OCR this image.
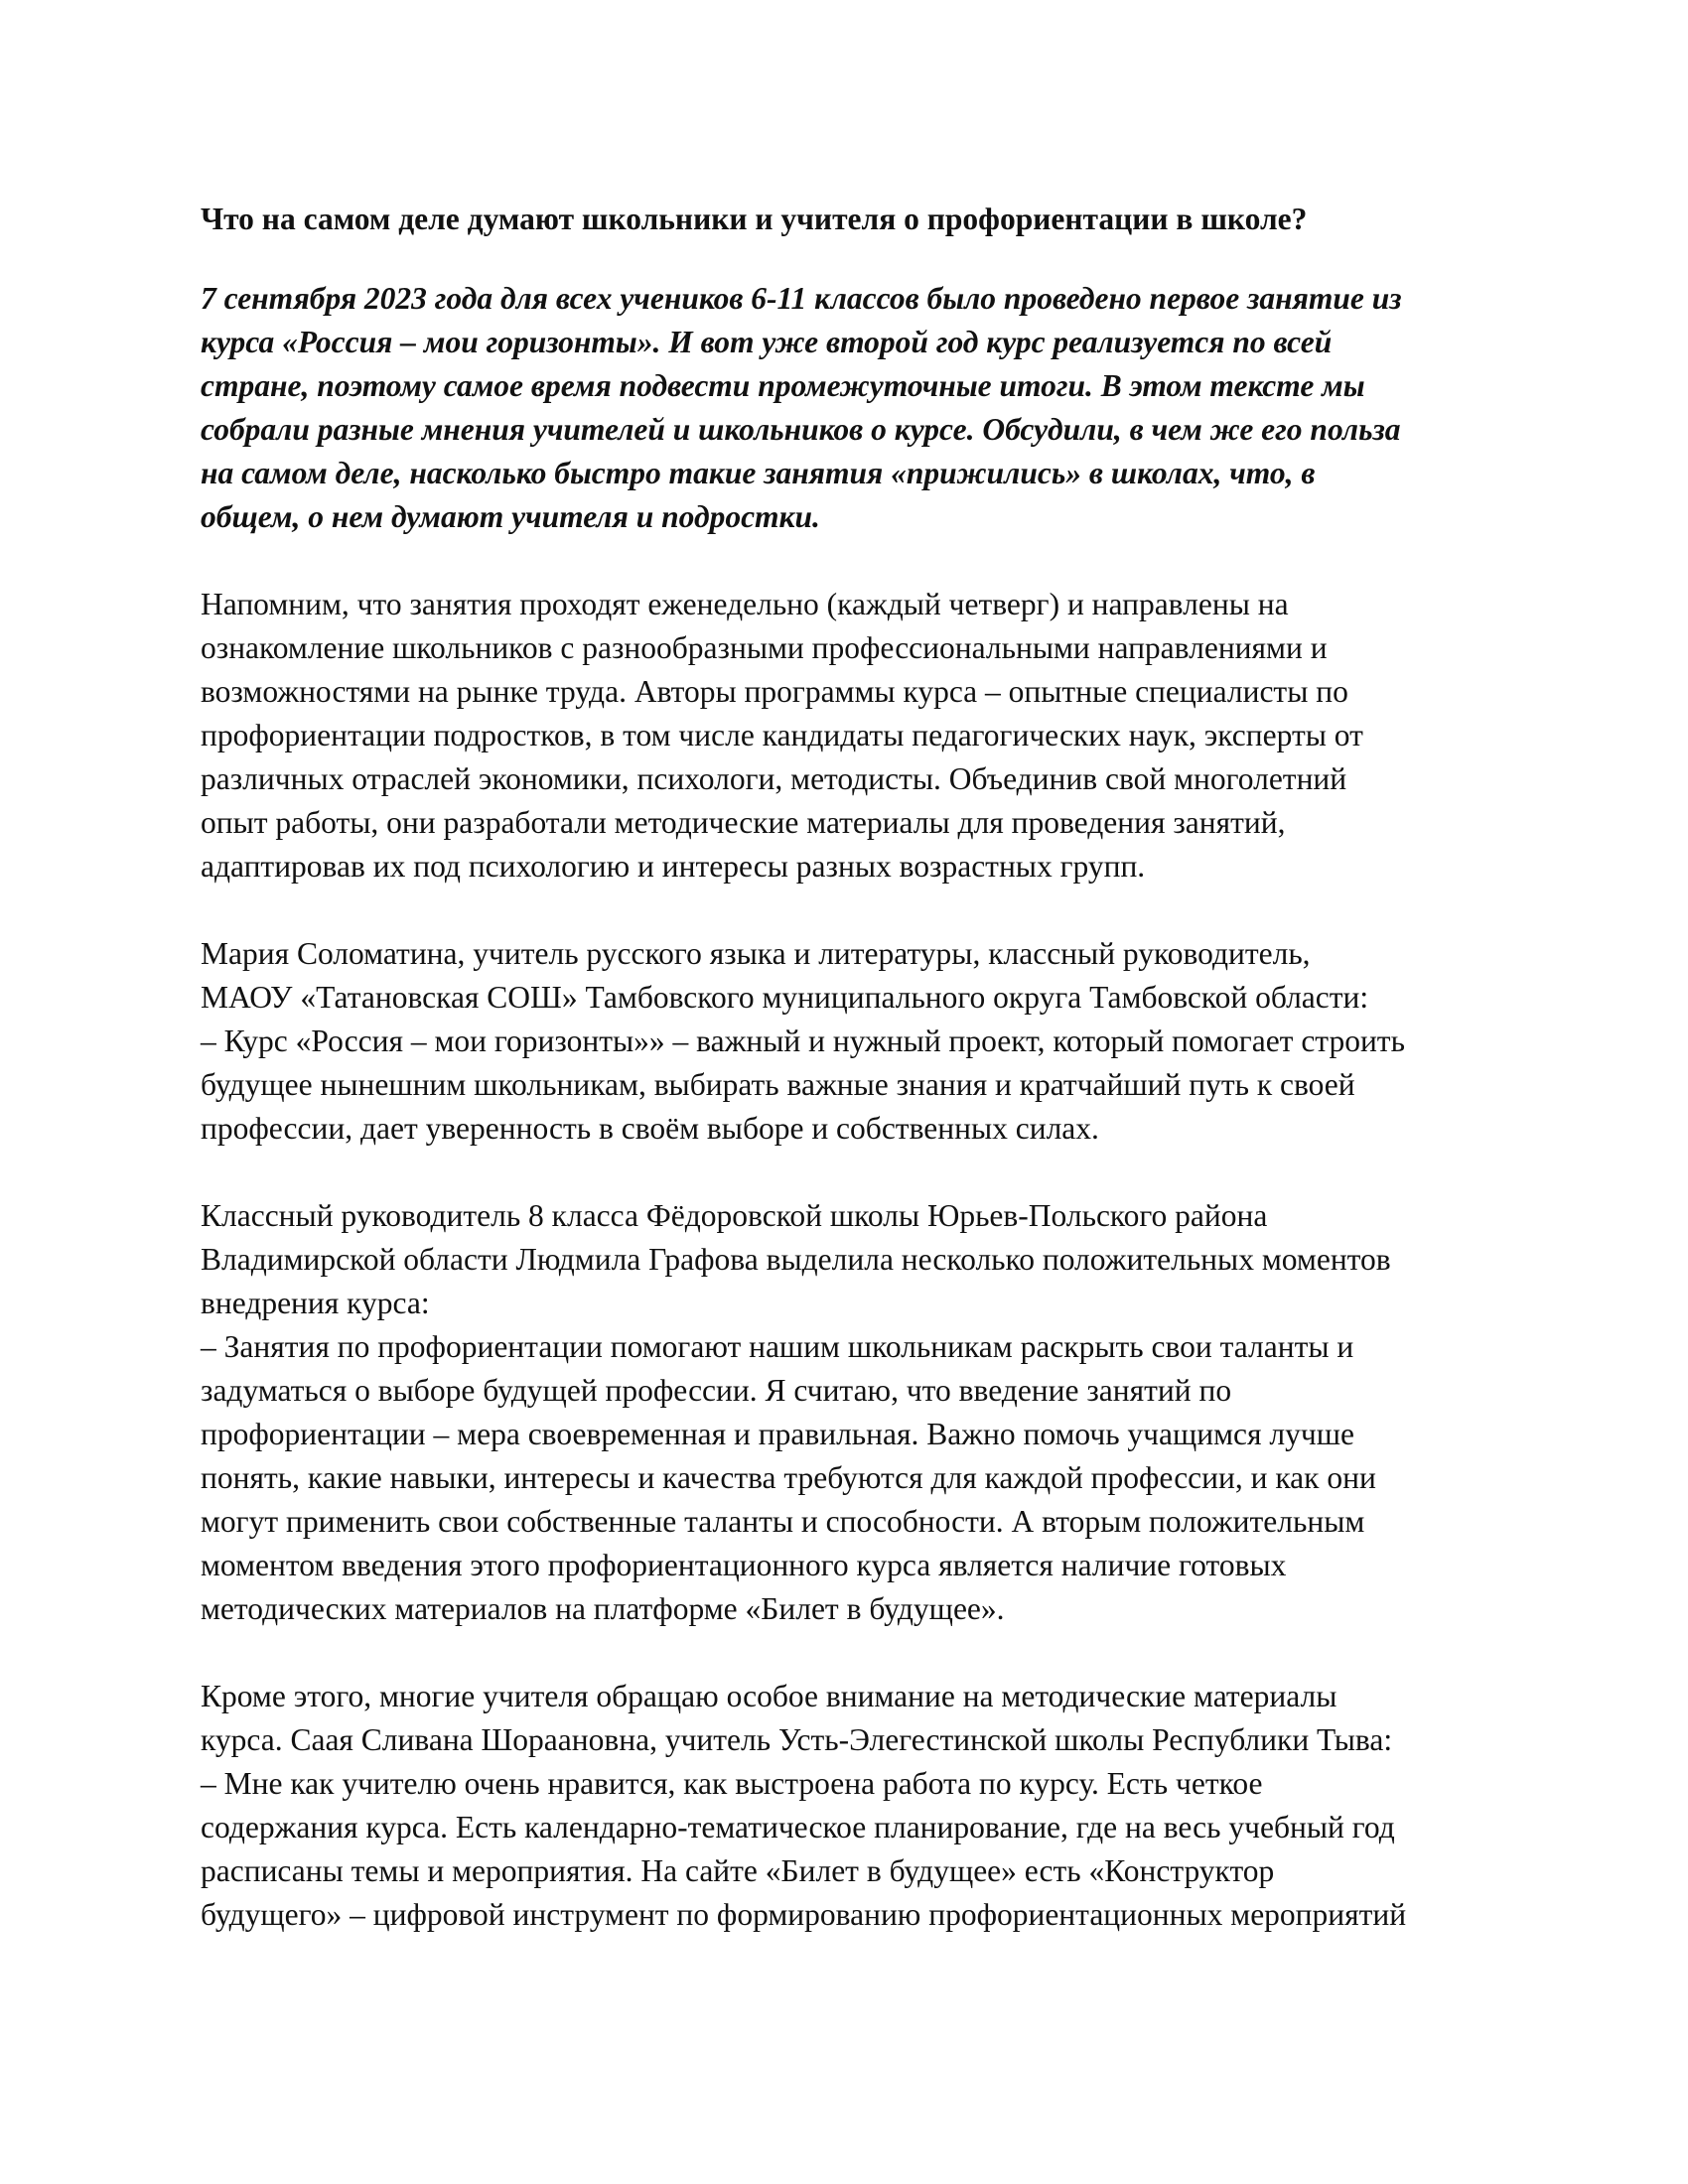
Что на самом деле думают школьники и учителя о профориентации в школе?
7 сентября 2023 года для всех учеников 6-11 классов было проведено первое занятие из
курса «Россия – мои горизонты». И вот уже второй год курс реализуется по всей
стране, поэтому самое время подвести промежуточные итоги. В этом тексте мы
собрали разные мнения учителей и школьников о курсе. Обсудили, в чем же его польза
на самом деле, насколько быстро такие занятия «прижились» в школах, что, в
общем, о нем думают учителя и подростки.
Напомним, что занятия проходят еженедельно (каждый четверг) и направлены на
ознакомление школьников с разнообразными профессиональными направлениями и
возможностями на рынке труда. Авторы программы курса – опытные специалисты по
профориентации подростков, в том числе кандидаты педагогических наук, эксперты от
различных отраслей экономики, психологи, методисты. Объединив свой многолетний
опыт работы, они разработали методические материалы для проведения занятий,
адаптировав их под психологию и интересы разных возрастных групп.
Мария Соломатина, учитель русского языка и литературы, классный руководитель,
МАОУ «Татановская СОШ» Тамбовского муниципального округа Тамбовской области:
– Курс «Россия – мои горизонты»» – важный и нужный проект, который помогает строить
будущее нынешним школьникам, выбирать важные знания и кратчайший путь к своей
профессии, дает уверенность в своём выборе и собственных силах.
Классный руководитель 8 класса Фёдоровской школы Юрьев-Польского района
Владимирской области Людмила Графова выделила несколько положительных моментов
внедрения курса:
– Занятия по профориентации помогают нашим школьникам раскрыть свои таланты и
задуматься о выборе будущей профессии. Я считаю, что введение занятий по
профориентации – мера своевременная и правильная. Важно помочь учащимся лучше
понять, какие навыки, интересы и качества требуются для каждой профессии, и как они
могут применить свои собственные таланты и способности. А вторым положительным
моментом введения этого профориентационного курса является наличие готовых
методических материалов на платформе «Билет в будущее».
Кроме этого, многие учителя обращаю особое внимание на методические материалы
курса. Саая Сливана Шораановна, учитель Усть-Элегестинской школы Республики Тыва:
– Мне как учителю очень нравится, как выстроена работа по курсу. Есть четкое
содержания курса. Есть календарно-тематическое планирование, где на весь учебный год
расписаны темы и мероприятия. На сайте «Билет в будущее» есть «Конструктор
будущего» – цифровой инструмент по формированию профориентационных мероприятий
